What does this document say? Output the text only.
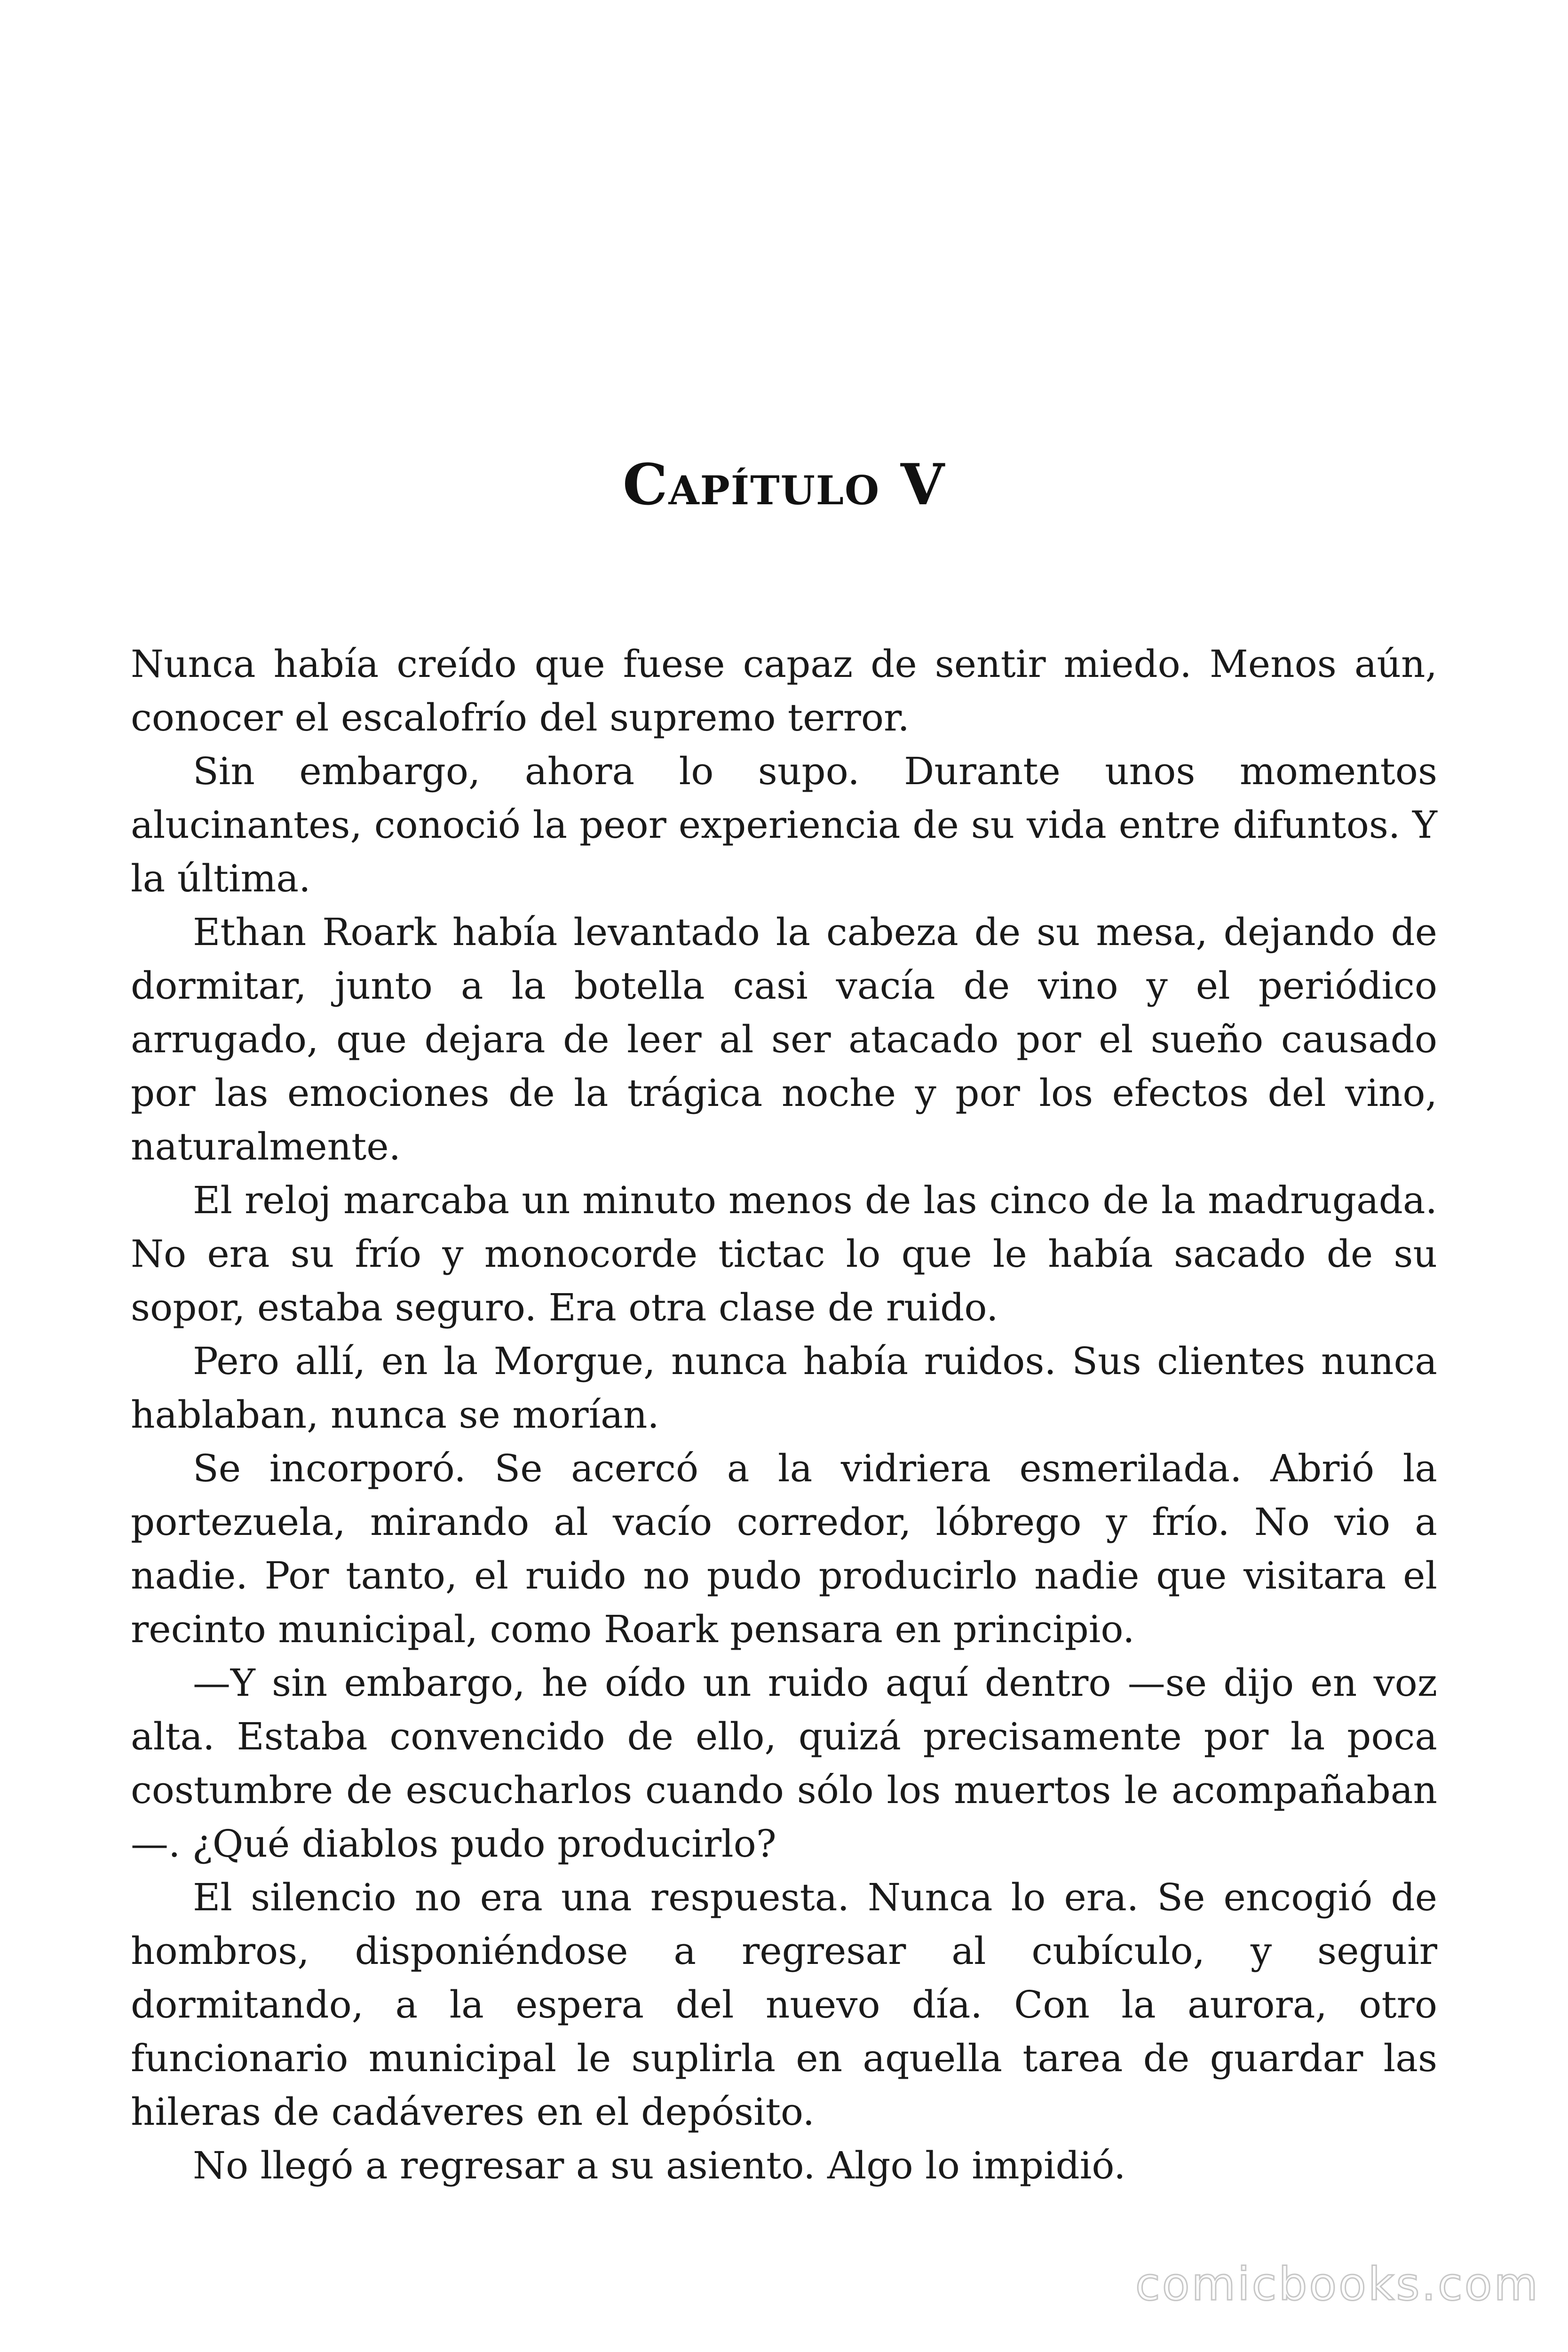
Capítulo V

Nunca había creído que fuese capaz de sentir miedo. Menos aún, conocer el escalofrío del supremo terror.

Sin embargo, ahora lo supo. Durante unos momentos alucinantes, conoció la peor experiencia de su vida entre difuntos. Y la última.

Ethan Roark había levantado la cabeza de su mesa, dejando de dormitar, junto a la botella casi vacía de vino y el periódico arrugado, que dejara de leer al ser atacado por el sueño causado por las emociones de la trágica noche y por los efectos del vino, naturalmente.

El reloj marcaba un minuto menos de las cinco de la madrugada. No era su frío y monocorde tictac lo que le había sacado de su sopor, estaba seguro. Era otra clase de ruido.

Pero allí, en la Morgue, nunca había ruidos. Sus clientes nunca hablaban, nunca se morían.

Se incorporó. Se acercó a la vidriera esmerilada. Abrió la portezuela, mirando al vacío corredor, lóbrego y frío. No vio a nadie. Por tanto, el ruido no pudo producirlo nadie que visitara el recinto municipal, como Roark pensara en principio.

—Y sin embargo, he oído un ruido aquí dentro —se dijo en voz alta. Estaba convencido de ello, quizá precisamente por la poca costumbre de escucharlos cuando sólo los muertos le acompañaban —. ¿Qué diablos pudo producirlo?

El silencio no era una respuesta. Nunca lo era. Se encogió de hombros, disponiéndose a regresar al cubículo, y seguir dormitando, a la espera del nuevo día. Con la aurora, otro funcionario municipal le suplirla en aquella tarea de guardar las hileras de cadáveres en el depósito.

No llegó a regresar a su asiento. Algo lo impidió.

comicbooks.com
